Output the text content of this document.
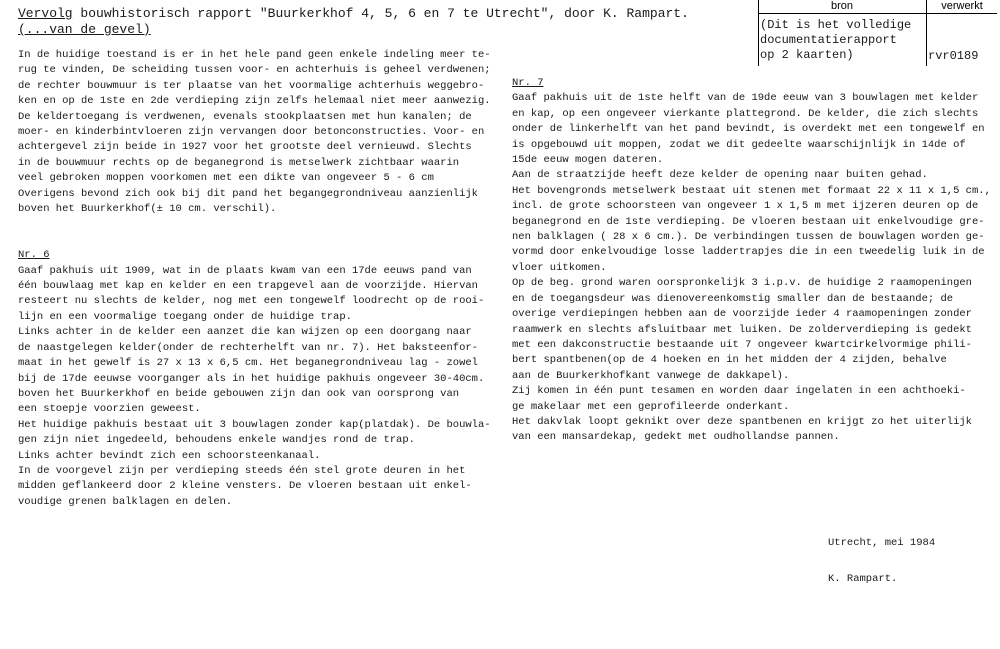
Vervolg bouwhistorisch rapport "Buurkerkhof 4, 5, 6 en 7 te Utrecht", door K. Rampart.
(...van de gevel)
bron	verwerkt
(Dit is het volledige
documentatierapport
op 2 kaarten)	rvr0189

In de huidige toestand is er in het hele pand geen enkele indeling meer te-

rug te vinden, De scheiding tussen voor- en achterhuis is geheel verdwenen;

de rechter bouwmuur is ter plaatse van het voormalige achterhuis weggebro-

ken en op de 1ste en 2de verdieping zijn zelfs helemaal niet meer aanwezig.

De keldertoegang is verdwenen, evenals stookplaatsen met hun kanalen; de

moer- en kinderbintvloeren zijn vervangen door betonconstructies. Voor- en

achtergevel zijn beide in 1927 voor het grootste deel vernieuwd. Slechts

in de bouwmuur rechts op de beganegrond is metselwerk zichtbaar waarin

veel gebroken moppen voorkomen met een dikte van ongeveer 5 - 6 cm

Overigens bevond zich ook bij dit pand het begangegrondniveau aanzienlijk

boven het Buurkerkhof(± 10 cm. verschil).

Nr. 6

Gaaf pakhuis uit 1909, wat in de plaats kwam van een 17de eeuws pand van

één bouwlaag met kap en kelder en een trapgevel aan de voorzijde. Hiervan

resteert nu slechts de kelder, nog met een tongewelf loodrecht op de rooi-

lijn en een voormalige toegang onder de huidige trap.

Links achter in de kelder een aanzet die kan wijzen op een doorgang naar

de naastgelegen kelder(onder de rechterhelft van nr. 7). Het baksteenfor-

maat in het gewelf is 27 x 13 x 6,5 cm. Het beganegrondniveau lag - zowel

bij de 17de eeuwse voorganger als in het huidige pakhuis ongeveer 30-40cm.

boven het Buurkerkhof en beide gebouwen zijn dan ook van oorsprong van

een stoepje voorzien geweest.

Het huidige pakhuis bestaat uit 3 bouwlagen zonder kap(platdak). De bouwla-

gen zijn niet ingedeeld, behoudens enkele wandjes rond de trap.

Links achter bevindt zich een schoorsteenkanaal.

In de voorgevel zijn per verdieping steeds één stel grote deuren in het

midden geflankeerd door 2 kleine vensters. De vloeren bestaan uit enkel-

voudige grenen balklagen en delen.

Nr. 7

Gaaf pakhuis uit de 1ste helft van de 19de eeuw van 3 bouwlagen met kelder

en kap, op een ongeveer vierkante plattegrond. De kelder, die zich slechts

onder de linkerhelft van het pand bevindt, is overdekt met een tongewelf en

is opgebouwd uit moppen, zodat we dit gedeelte waarschijnlijk in 14de of

15de eeuw mogen dateren.

Aan de straatzijde heeft deze kelder de opening naar buiten gehad.

Het bovengronds metselwerk bestaat uit stenen met formaat 22 x 11 x 1,5 cm.,

incl. de grote schoorsteen van ongeveer 1 x 1,5 m met ijzeren deuren op de

beganegrond en de 1ste verdieping. De vloeren bestaan uit enkelvoudige gre-

nen balklagen ( 28 x 6 cm.). De verbindingen tussen de bouwlagen worden ge-

vormd door enkelvoudige losse laddertrapjes die in een tweedelig luik in de

vloer uitkomen.

Op de beg. grond waren oorspronkelijk 3 i.p.v. de huidige 2 raamopeningen

en de toegangsdeur was dienovereenkomstig smaller dan de bestaande; de

overige verdiepingen hebben aan de voorzijde ieder 4 raamopeningen zonder

raamwerk en slechts afsluitbaar met luiken. De zolderverdieping is gedekt

met een dakconstructie bestaande uit 7 ongeveer kwartcirkelvormige phili-

bert spantbenen(op de 4 hoeken en in het midden der 4 zijden, behalve

aan de Buurkerkhofkant vanwege de dakkapel).

Zij komen in één punt tesamen en worden daar ingelaten in een achthoeki-

ge makelaar met een geprofileerde onderkant.

Het dakvlak loopt geknikt over deze spantbenen en krijgt zo het uiterlijk

van een mansardekap, gedekt met oudhollandse pannen.

Utrecht, mei 1984
K. Rampart.
